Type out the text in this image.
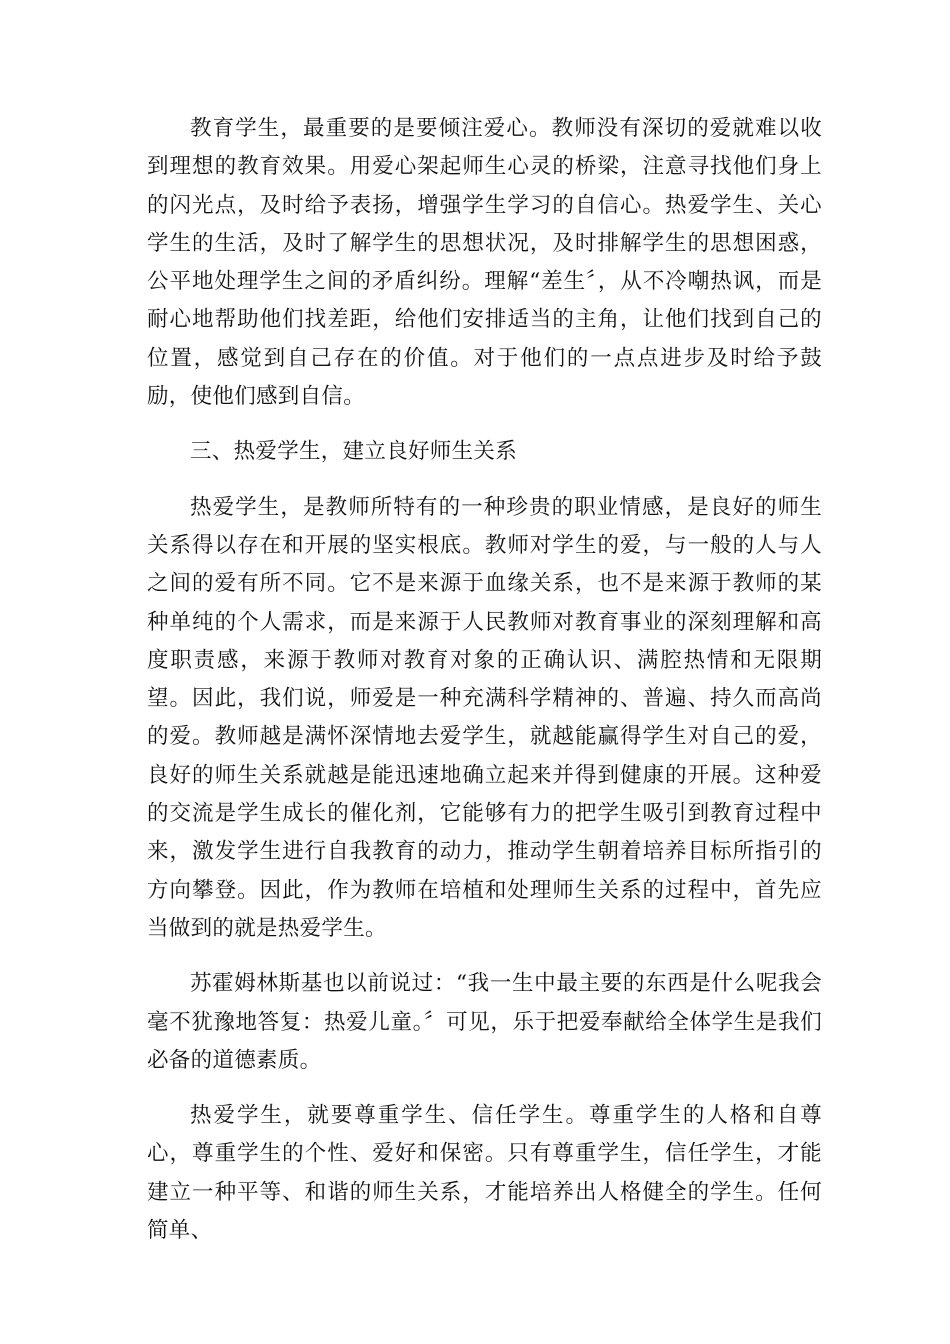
教育学生，最重要的是要倾注爱心。教师没有深切的爱就难以收到理想的教育效果。用爱心架起师生心灵的桥梁，注意寻找他们身上的闪光点，及时给予表扬，增强学生学习的自信心。热爱学生、关心学生的生活，及时了解学生的思想状况，及时排解学生的思想困惑，公平地处理学生之间的矛盾纠纷。理解“差生〞，从不冷嘲热讽，而是耐心地帮助他们找差距，给他们安排适当的主角，让他们找到自己的位置，感觉到自己存在的价值。对于他们的一点点进步及时给予鼓励，使他们感到自信。

三、热爱学生，建立良好师生关系

热爱学生，是教师所特有的一种珍贵的职业情感，是良好的师生关系得以存在和开展的坚实根底。教师对学生的爱，与一般的人与人之间的爱有所不同。它不是来源于血缘关系，也不是来源于教师的某种单纯的个人需求，而是来源于人民教师对教育事业的深刻理解和高度职责感，来源于教师对教育对象的正确认识、满腔热情和无限期望。因此，我们说，师爱是一种充满科学精神的、普遍、持久而高尚的爱。教师越是满怀深情地去爱学生，就越能赢得学生对自己的爱，良好的师生关系就越是能迅速地确立起来并得到健康的开展。这种爱的交流是学生成长的催化剂，它能够有力的把学生吸引到教育过程中来，激发学生进行自我教育的动力，推动学生朝着培养目标所指引的方向攀登。因此，作为教师在培植和处理师生关系的过程中，首先应当做到的就是热爱学生。

苏霍姆林斯基也以前说过：“我一生中最主要的东西是什么呢我会毫不犹豫地答复：热爱儿童。〞可见，乐于把爱奉献给全体学生是我们必备的道德素质。

热爱学生，就要尊重学生、信任学生。尊重学生的人格和自尊心，尊重学生的个性、爱好和保密。只有尊重学生，信任学生，才能建立一种平等、和谐的师生关系，才能培养出人格健全的学生。任何简单、
